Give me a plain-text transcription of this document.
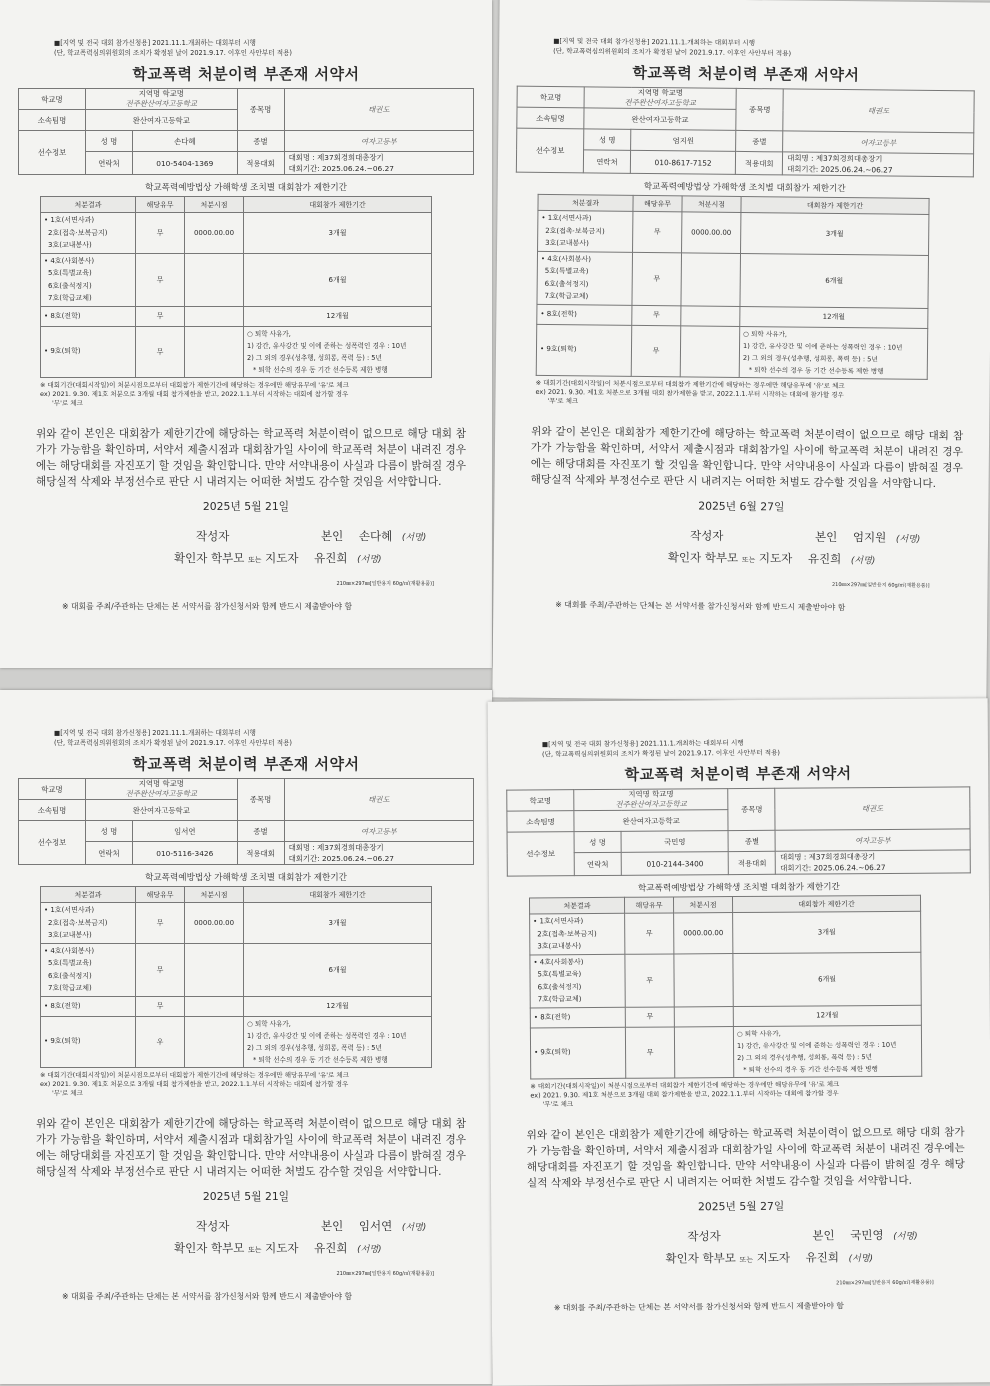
■[지역 및 전국 대회 참가신청용] 2021.11.1.개최하는 대회부터 시행
(단, 학교폭력심의위원회의 조치가 확정된 날이 2021.9.17. 이후인 사안부터 적용)
학교폭력 처분이력 부존재 서약서
학교명	지역명 학교명
전주완산여자고등학교		종목명	태권도
소속팀명	완산여자고등학교			
선수정보	성 명	손다혜	종별	여자고등부
	연락처	010-5404-1369	적용대회	대회명 : 제37회경희대총장기
대회기간: 2025.06.24.~06.27
학교폭력예방법상 가해학생 조치별 대회참가 제한기간
처분결과	해당유무	처분시점	대회참가 제한기간

• 1호(서면사과)
2호(접촉·보복금지)
3호(교내봉사)	무	0000.00.00	3개월

• 4호(사회봉사)
5호(특별교육)
6호(출석정지)
7호(학급교체)	무		6개월

• 8호(전학)	무		12개월

• 9호(퇴학)	무		○ 퇴학 사유가,
1) 강간, 유사강간 및 이에 준하는 성폭력인 경우 : 10년
2) 그 외의 경우(성추행, 성희롱, 폭력 등) : 5년
* 퇴학 선수의 경우 동 기간 선수등록 제한 병행
※ 대회기간(대회시작일)이 처분시점으로부터 대회참가 제한기간에 해당하는 경우에만 해당유무에 '유'로 체크
ex) 2021. 9.30. 제1호 처분으로 3개월 대회 참가제한을 받고, 2022.1.1.부터 시작하는 대회에 참가할 경우
'무'로 체크
위와 같이 본인은 대회참가 제한기간에 해당하는 학교폭력 처분이력이 없으므로 해당 대회 참가가 가능함을 확인하며, 서약서 제출시점과 대회참가일 사이에 학교폭력 처분이 내려진 경우에는 해당대회를 자진포기 할 것임을 확인합니다. 만약 서약내용이 사실과 다름이 밝혀질 경우 해당실적 삭제와 부정선수로 판단 시 내려지는 어떠한 처벌도 감수할 것임을 서약합니다.
2025년 5월 21일
작성자	본인 손다혜 (서명)
확인자 학부모 또는 지도자 유진희 (서명)
210㎜×297㎜[일반용지 60g/㎡(재활용품)]
※ 대회를 주최/주관하는 단체는 본 서약서를 참가신청서와 함께 반드시 제출받아야 함
■[지역 및 전국 대회 참가신청용] 2021.11.1.개최하는 대회부터 시행
(단, 학교폭력심의위원회의 조치가 확정된 날이 2021.9.17. 이후인 사안부터 적용)
학교폭력 처분이력 부존재 서약서
학교명	지역명 학교명
전주완산여자고등학교		종목명	태권도
소속팀명	완산여자고등학교			
선수정보	성 명	엄지원	종별	여자고등부
	연락처	010-8617-7152	적용대회	대회명 : 제37회경희대총장기
대회기간: 2025.06.24.~06.27
학교폭력예방법상 가해학생 조치별 대회참가 제한기간
처분결과	해당유무	처분시점	대회참가 제한기간

• 1호(서면사과)
2호(접촉·보복금지)
3호(교내봉사)	무	0000.00.00	3개월

• 4호(사회봉사)
5호(특별교육)
6호(출석정지)
7호(학급교체)	무		6개월

• 8호(전학)	무		12개월

• 9호(퇴학)	무		○ 퇴학 사유가,
1) 강간, 유사강간 및 이에 준하는 성폭력인 경우 : 10년
2) 그 외의 경우(성추행, 성희롱, 폭력 등) : 5년
* 퇴학 선수의 경우 동 기간 선수등록 제한 병행
※ 대회기간(대회시작일)이 처분시점으로부터 대회참가 제한기간에 해당하는 경우에만 해당유무에 '유'로 체크
ex) 2021. 9.30. 제1호 처분으로 3개월 대회 참가제한을 받고, 2022.1.1.부터 시작하는 대회에 참가할 경우
'무'로 체크
위와 같이 본인은 대회참가 제한기간에 해당하는 학교폭력 처분이력이 없으므로 해당 대회 참가가 가능함을 확인하며, 서약서 제출시점과 대회참가일 사이에 학교폭력 처분이 내려진 경우에는 해당대회를 자진포기 할 것임을 확인합니다. 만약 서약내용이 사실과 다름이 밝혀질 경우 해당실적 삭제와 부정선수로 판단 시 내려지는 어떠한 처벌도 감수할 것임을 서약합니다.
2025년 6월 27일
작성자	본인 엄지원 (서명)
확인자 학부모 또는 지도자 유진희 (서명)
210㎜×297㎜[일반용지 60g/㎡(재활용품)]
※ 대회를 주최/주관하는 단체는 본 서약서를 참가신청서와 함께 반드시 제출받아야 함
■[지역 및 전국 대회 참가신청용] 2021.11.1.개최하는 대회부터 시행
(단, 학교폭력심의위원회의 조치가 확정된 날이 2021.9.17. 이후인 사안부터 적용)
학교폭력 처분이력 부존재 서약서
학교명	지역명 학교명
전주완산여자고등학교		종목명	태권도
소속팀명	완산여자고등학교			
선수정보	성 명	임서연	종별	여자고등부
	연락처	010-5116-3426	적용대회	대회명 : 제37회경희대총장기
대회기간: 2025.06.24.~06.27
학교폭력예방법상 가해학생 조치별 대회참가 제한기간
처분결과	해당유무	처분시점	대회참가 제한기간

• 1호(서면사과)
2호(접촉·보복금지)
3호(교내봉사)	무	0000.00.00	3개월

• 4호(사회봉사)
5호(특별교육)
6호(출석정지)
7호(학급교체)	무		6개월

• 8호(전학)	무		12개월

• 9호(퇴학)	우		○ 퇴학 사유가,
1) 강간, 유사강간 및 이에 준하는 성폭력인 경우 : 10년
2) 그 외의 경우(성추행, 성희롱, 폭력 등) : 5년
* 퇴학 선수의 경우 동 기간 선수등록 제한 병행
※ 대회기간(대회시작일)이 처분시점으로부터 대회참가 제한기간에 해당하는 경우에만 해당유무에 '유'로 체크
ex) 2021. 9.30. 제1호 처분으로 3개월 대회 참가제한을 받고, 2022.1.1.부터 시작하는 대회에 참가할 경우
'무'로 체크
위와 같이 본인은 대회참가 제한기간에 해당하는 학교폭력 처분이력이 없으므로 해당 대회 참가가 가능함을 확인하며, 서약서 제출시점과 대회참가일 사이에 학교폭력 처분이 내려진 경우에는 해당대회를 자진포기 할 것임을 확인합니다. 만약 서약내용이 사실과 다름이 밝혀질 경우 해당실적 삭제와 부정선수로 판단 시 내려지는 어떠한 처벌도 감수할 것임을 서약합니다.
2025년 5월 21일
작성자	본인 임서연 (서명)
확인자 학부모 또는 지도자 유진희 (서명)
210㎜×297㎜[일반용지 60g/㎡(재활용품)]
※ 대회를 주최/주관하는 단체는 본 서약서를 참가신청서와 함께 반드시 제출받아야 함
■[지역 및 전국 대회 참가신청용] 2021.11.1.개최하는 대회부터 시행
(단, 학교폭력심의위원회의 조치가 확정된 날이 2021.9.17. 이후인 사안부터 적용)
학교폭력 처분이력 부존재 서약서
학교명	지역명 학교명
전주완산여자고등학교		종목명	태권도
소속팀명	완산여자고등학교			
선수정보	성 명	국민영	종별	여자고등부
	연락처	010-2144-3400	적용대회	대회명 : 제37회경희대총장기
대회기간: 2025.06.24.~06.27
학교폭력예방법상 가해학생 조치별 대회참가 제한기간
처분결과	해당유무	처분시점	대회참가 제한기간

• 1호(서면사과)
2호(접촉·보복금지)
3호(교내봉사)	무	0000.00.00	3개월

• 4호(사회봉사)
5호(특별교육)
6호(출석정지)
7호(학급교체)	무		6개월

• 8호(전학)	무		12개월

• 9호(퇴학)	무		○ 퇴학 사유가,
1) 강간, 유사강간 및 이에 준하는 성폭력인 경우 : 10년
2) 그 외의 경우(성추행, 성희롱, 폭력 등) : 5년
* 퇴학 선수의 경우 동 기간 선수등록 제한 병행
※ 대회기간(대회시작일)이 처분시점으로부터 대회참가 제한기간에 해당하는 경우에만 해당유무에 '유'로 체크
ex) 2021. 9.30. 제1호 처분으로 3개월 대회 참가제한을 받고, 2022.1.1.부터 시작하는 대회에 참가할 경우
'무'로 체크
위와 같이 본인은 대회참가 제한기간에 해당하는 학교폭력 처분이력이 없으므로 해당 대회 참가가 가능함을 확인하며, 서약서 제출시점과 대회참가일 사이에 학교폭력 처분이 내려진 경우에는 해당대회를 자진포기 할 것임을 확인합니다. 만약 서약내용이 사실과 다름이 밝혀질 경우 해당실적 삭제와 부정선수로 판단 시 내려지는 어떠한 처벌도 감수할 것임을 서약합니다.
2025년 5월 27일
작성자	본인 국민영 (서명)
확인자 학부모 또는 지도자 유진희 (서명)
210㎜×297㎜[일반용지 60g/㎡(재활용품)]
※ 대회를 주최/주관하는 단체는 본 서약서를 참가신청서와 함께 반드시 제출받아야 함
